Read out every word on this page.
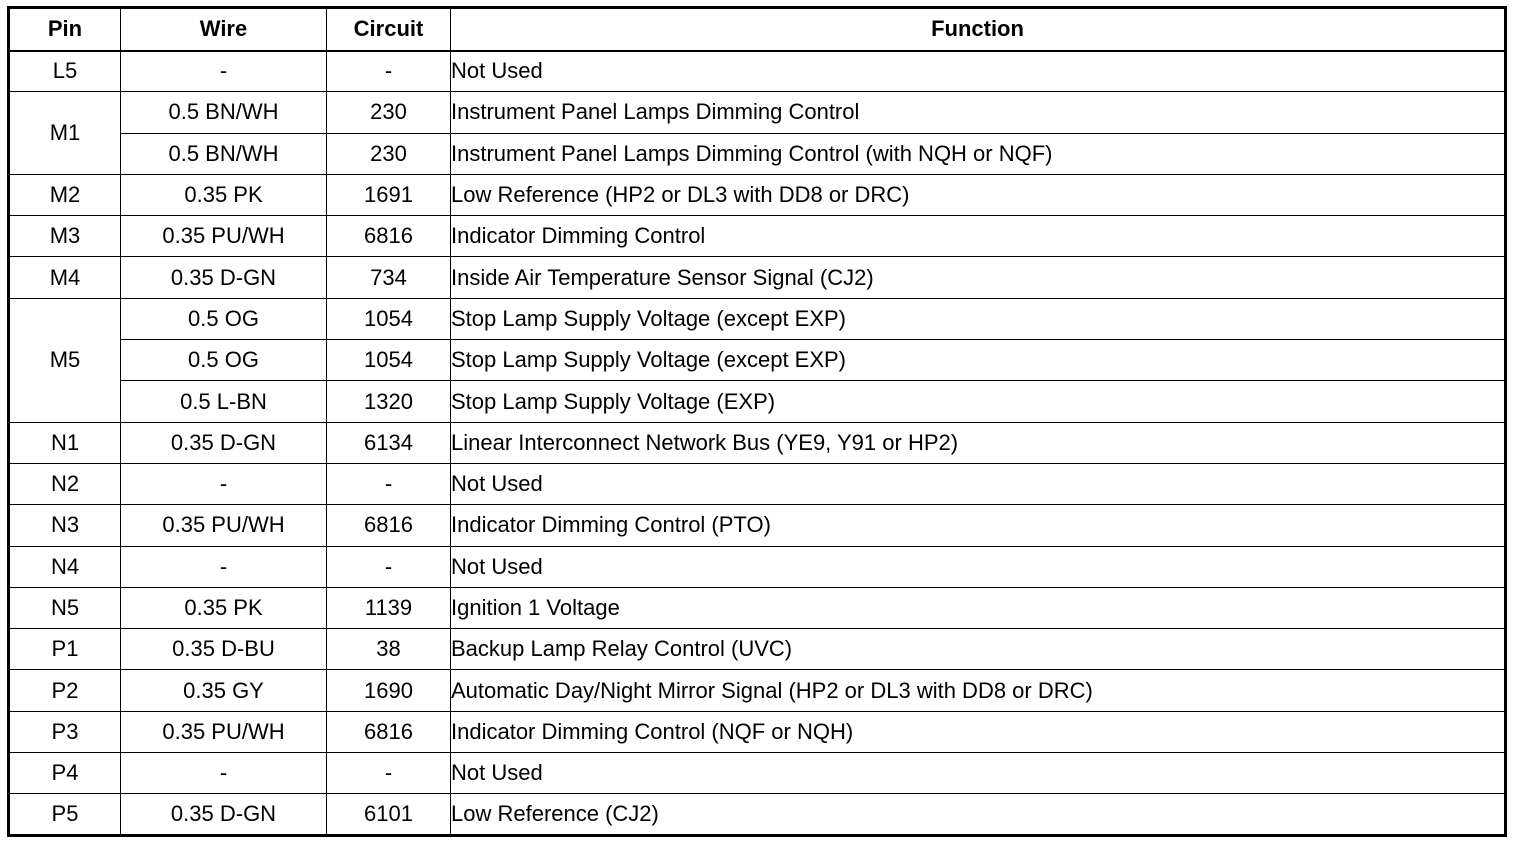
Pin	Wire	Circuit	Function
L5	-	-	Not Used
M1	0.5 BN/WH	230	Instrument Panel Lamps Dimming Control
	0.5 BN/WH	230	Instrument Panel Lamps Dimming Control (with NQH or NQF)
M2	0.35 PK	1691	Low Reference (HP2 or DL3 with DD8 or DRC)
M3	0.35 PU/WH	6816	Indicator Dimming Control
M4	0.35 D-GN	734	Inside Air Temperature Sensor Signal (CJ2)
M5	0.5 OG	1054	Stop Lamp Supply Voltage (except EXP)
	0.5 OG	1054	Stop Lamp Supply Voltage (except EXP)
	0.5 L-BN	1320	Stop Lamp Supply Voltage (EXP)
N1	0.35 D-GN	6134	Linear Interconnect Network Bus (YE9, Y91 or HP2)
N2	-	-	Not Used
N3	0.35 PU/WH	6816	Indicator Dimming Control (PTO)
N4	-	-	Not Used
N5	0.35 PK	1139	Ignition 1 Voltage
P1	0.35 D-BU	38	Backup Lamp Relay Control (UVC)
P2	0.35 GY	1690	Automatic Day/Night Mirror Signal (HP2 or DL3 with DD8 or DRC)
P3	0.35 PU/WH	6816	Indicator Dimming Control (NQF or NQH)
P4	-	-	Not Used
P5	0.35 D-GN	6101	Low Reference (CJ2)
